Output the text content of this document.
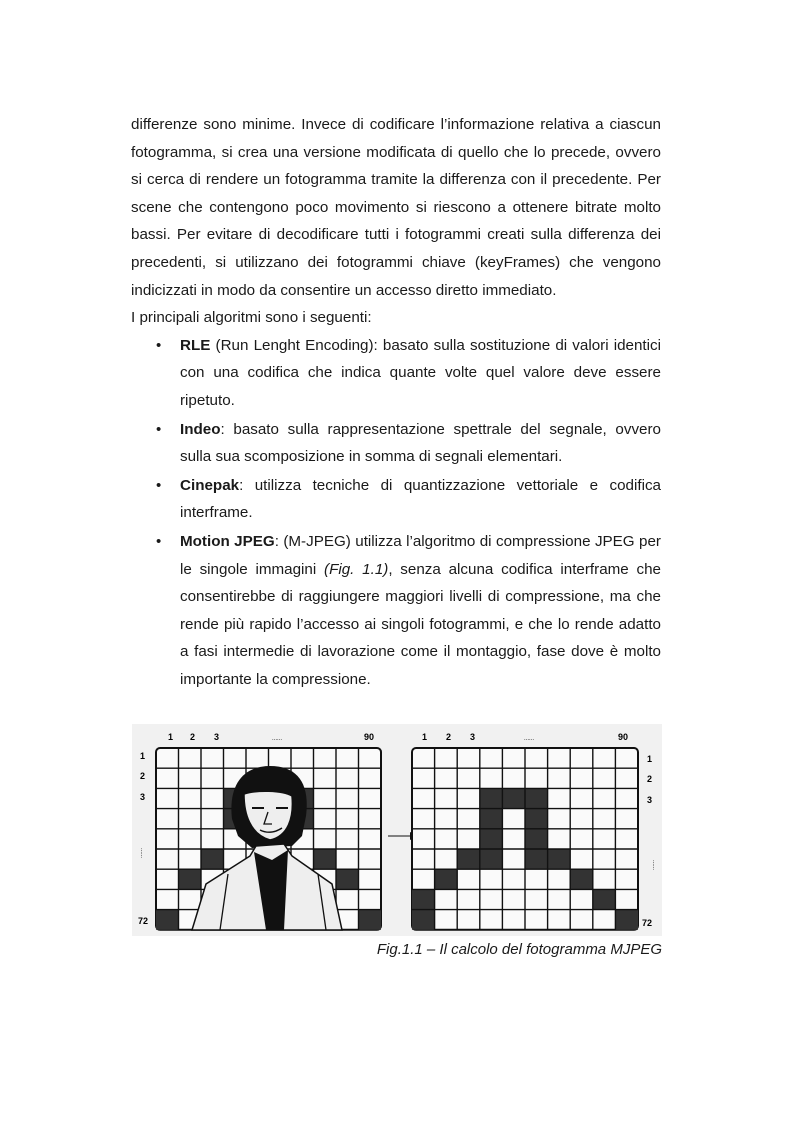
differenze sono minime. Invece di codificare l’informazione relativa a ciascun fotogramma, si crea una versione modificata di quello che lo precede, ovvero si cerca di rendere un fotogramma tramite la differenza con il precedente. Per scene che contengono poco movimento si riescono a ottenere bitrate molto bassi. Per evitare di decodificare tutti i fotogrammi creati sulla differenza dei precedenti, si utilizzano dei fotogrammi chiave (keyFrames) che vengono indicizzati in modo da consentire un accesso diretto immediato.

I principali algoritmi sono i seguenti:

• RLE (Run Lenght Encoding): basato sulla sostituzione di valori identici con una codifica che indica quante volte quel valore deve essere ripetuto.
• Indeo: basato sulla rappresentazione spettrale del segnale, ovvero sulla sua scomposizione in somma di segnali elementari.
• Cinepak: utilizza tecniche di quantizzazione vettoriale e codifica interframe.
• Motion JPEG: (M-JPEG) utilizza l’algoritmo di compressione JPEG per le singole immagini (Fig. 1.1), senza alcuna codifica interframe che consentirebbe di raggiungere maggiori livelli di compressione, ma che rende più rapido l’accesso ai singoli fotogrammi, e che lo rende adatto a fasi intermedie di lavorazione come il montaggio, fase dove è molto importante la compressione.
1 2 3	......	90
1
2
3
72
......
1 2 3	......	90
1
2
3
72
......
Fig.1.1 – Il calcolo del fotogramma MJPEG
